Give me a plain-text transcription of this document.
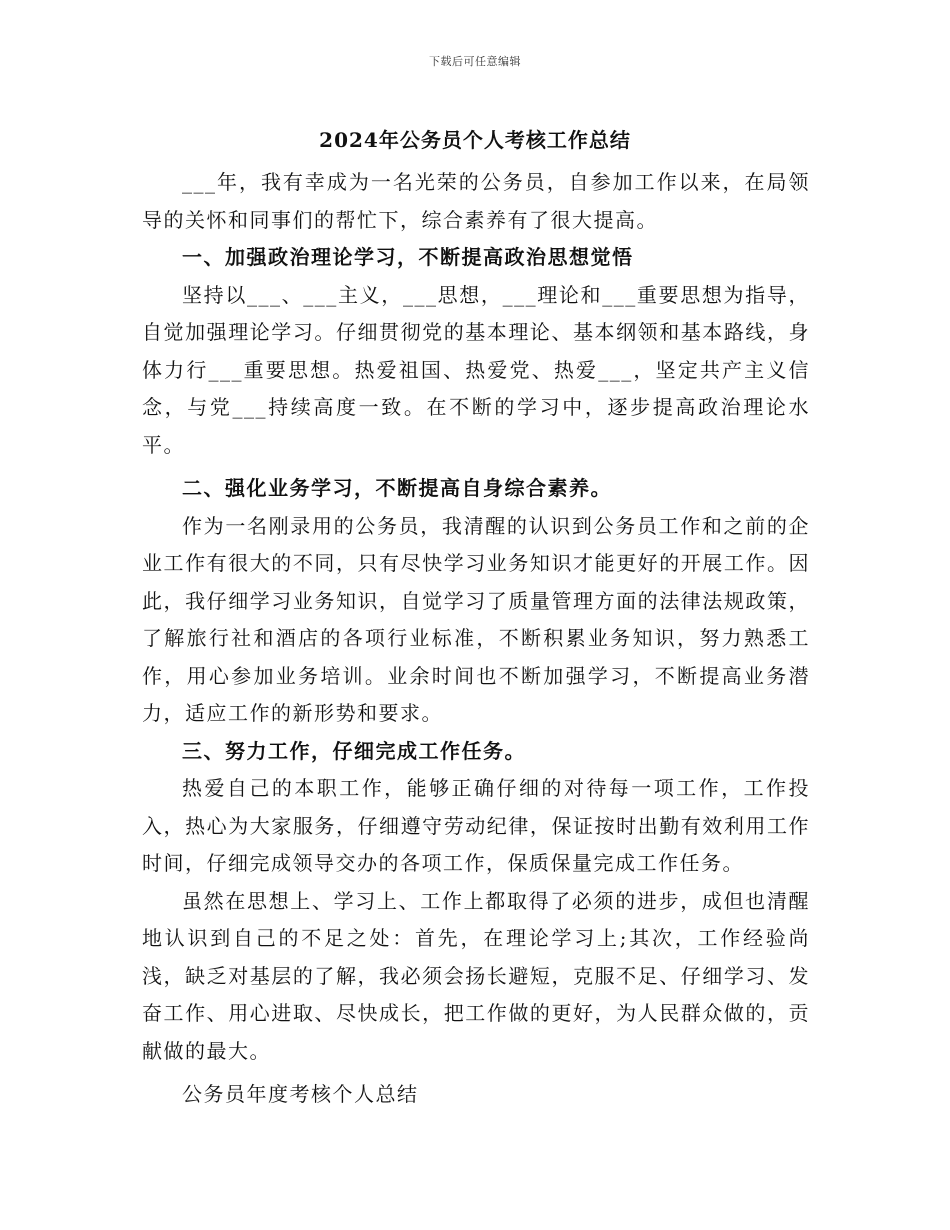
下载后可任意编辑
2024年公务员个人考核工作总结

___年，我有幸成为一名光荣的公务员，自参加工作以来，在局领导的关怀和同事们的帮忙下，综合素养有了很大提高。

一、加强政治理论学习，不断提高政治思想觉悟

坚持以___、___主义，___思想，___理论和___重要思想为指导，自觉加强理论学习。仔细贯彻党的基本理论、基本纲领和基本路线，身体力行___重要思想。热爱祖国、热爱党、热爱___，坚定共产主义信念，与党___持续高度一致。在不断的学习中，逐步提高政治理论水平。

二、强化业务学习，不断提高自身综合素养。

作为一名刚录用的公务员，我清醒的认识到公务员工作和之前的企业工作有很大的不同，只有尽快学习业务知识才能更好的开展工作。因此，我仔细学习业务知识，自觉学习了质量管理方面的法律法规政策，了解旅行社和酒店的各项行业标准，不断积累业务知识，努力熟悉工作，用心参加业务培训。业余时间也不断加强学习，不断提高业务潜力，适应工作的新形势和要求。

三、努力工作，仔细完成工作任务。

热爱自己的本职工作，能够正确仔细的对待每一项工作，工作投入，热心为大家服务，仔细遵守劳动纪律，保证按时出勤有效利用工作时间，仔细完成领导交办的各项工作，保质保量完成工作任务。

虽然在思想上、学习上、工作上都取得了必须的进步，成但也清醒地认识到自己的不足之处：首先，在理论学习上;其次，工作经验尚浅，缺乏对基层的了解，我必须会扬长避短，克服不足、仔细学习、发奋工作、用心进取、尽快成长，把工作做的更好，为人民群众做的，贡献做的最大。

公务员年度考核个人总结
